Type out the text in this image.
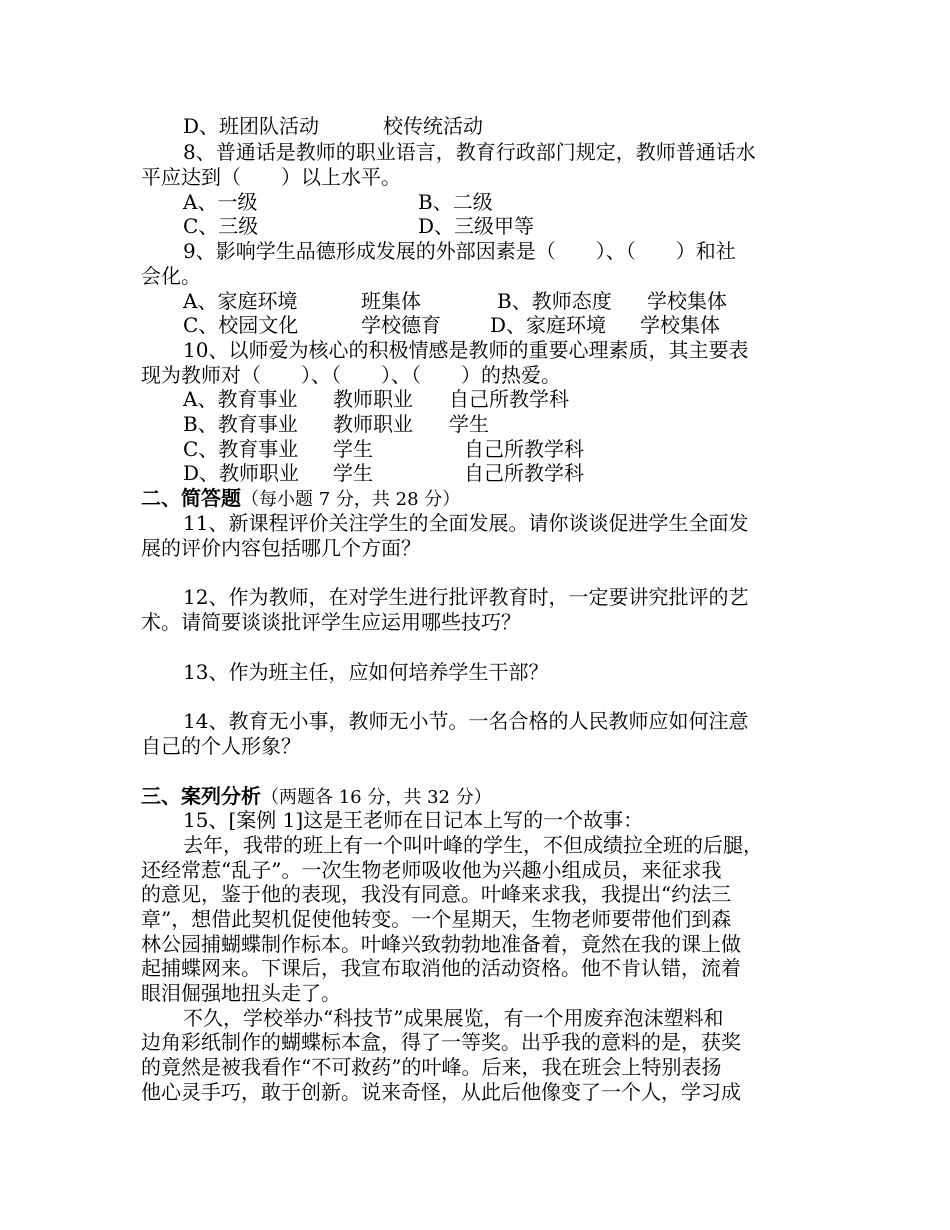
D、班团队活动	校传统活动
8、普通话是教师的职业语言，教育行政部门规定，教师普通话水
平应达到（　　）以上水平。
A、一级	B、二级
C、三级	D、三级甲等
9、影响学生品德形成发展的外部因素是（　　）、（　　）和社
会化。
A、家庭环境	班集体	B、教师态度 学校集体
C、校园文化	学校德育 D、家庭环境 学校集体
10、以师爱为核心的积极情感是教师的重要心理素质，其主要表
现为教师对（　　）、（　　）、（　　）的热爱。
A、教育事业 教师职业 自己所教学科
B、教育事业 教师职业 学生
C、教育事业 学生	自己所教学科
D、教师职业 学生	自己所教学科
二、简答题（每小题 7 分，共 28 分）
11、新课程评价关注学生的全面发展。请你谈谈促进学生全面发
展的评价内容包括哪几个方面？
12、作为教师，在对学生进行批评教育时，一定要讲究批评的艺
术。请简要谈谈批评学生应运用哪些技巧？
13、作为班主任，应如何培养学生干部？
14、教育无小事，教师无小节。一名合格的人民教师应如何注意
自己的个人形象？
三、案列分析（两题各 16 分，共 32 分）
15、[案例 1]这是王老师在日记本上写的一个故事：
去年，我带的班上有一个叫叶峰的学生，不但成绩拉全班的后腿，
还经常惹“乱子”。一次生物老师吸收他为兴趣小组成员，来征求我
的意见，鉴于他的表现，我没有同意。叶峰来求我，我提出“约法三
章”，想借此契机促使他转变。一个星期天，生物老师要带他们到森
林公园捕蝴蝶制作标本。叶峰兴致勃勃地准备着，竟然在我的课上做
起捕蝶网来。下课后，我宣布取消他的活动资格。他不肯认错，流着
眼泪倔强地扭头走了。
不久，学校举办“科技节”成果展览，有一个用废弃泡沫塑料和
边角彩纸制作的蝴蝶标本盒，得了一等奖。出乎我的意料的是，获奖
的竟然是被我看作“不可救药”的叶峰。后来，我在班会上特别表扬
他心灵手巧，敢于创新。说来奇怪，从此后他像变了一个人，学习成
